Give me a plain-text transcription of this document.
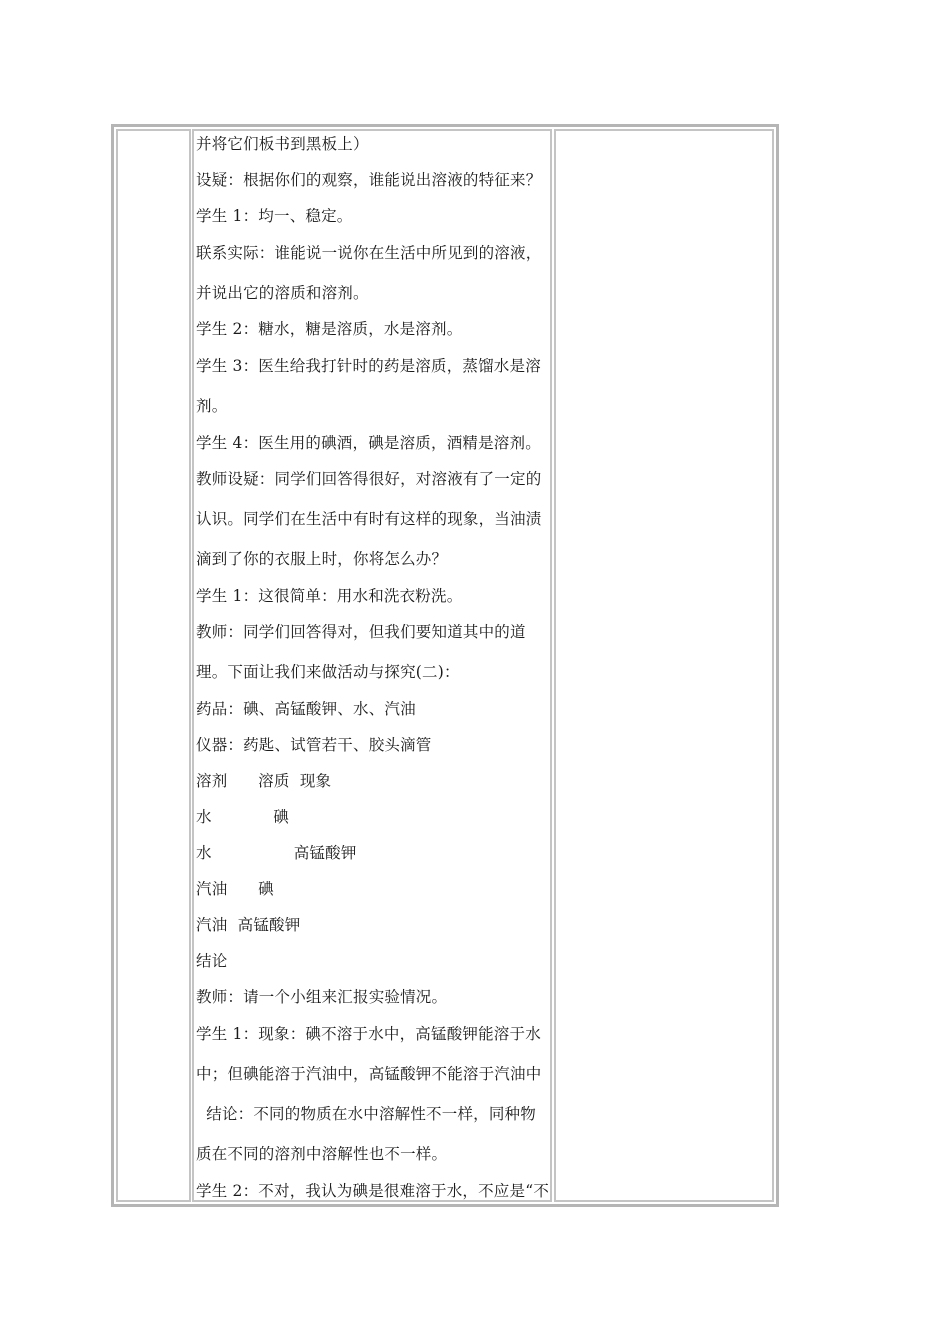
并将它们板书到黑板上）
设疑：根据你们的观察，谁能说出溶液的特征来？
学生 1：均一、稳定。
联系实际：谁能说一说你在生活中所见到的溶液，
并说出它的溶质和溶剂。
学生 2：糖水，糖是溶质，水是溶剂。
学生 3：医生给我打针时的药是溶质，蒸馏水是溶
剂。
学生 4：医生用的碘酒，碘是溶质，酒精是溶剂。
教师设疑：同学们回答得很好，对溶液有了一定的
认识。同学们在生活中有时有这样的现象，当油渍
滴到了你的衣服上时，你将怎么办？
学生 1：这很简单：用水和洗衣粉洗。
教师：同学们回答得对，但我们要知道其中的道
理。下面让我们来做活动与探究(二)：
药品：碘、高锰酸钾、水、汽油
仪器：药匙、试管若干、胶头滴管
溶剂      溶质  现象
水            碘
水                高锰酸钾
汽油      碘
汽油  高锰酸钾
结论
教师：请一个小组来汇报实验情况。
学生 1：现象：碘不溶于水中，高锰酸钾能溶于水
中；但碘能溶于汽油中，高锰酸钾不能溶于汽油中
结论：不同的物质在水中溶解性不一样，同种物
质在不同的溶剂中溶解性也不一样。
学生 2：不对，我认为碘是很难溶于水，不应是“不
